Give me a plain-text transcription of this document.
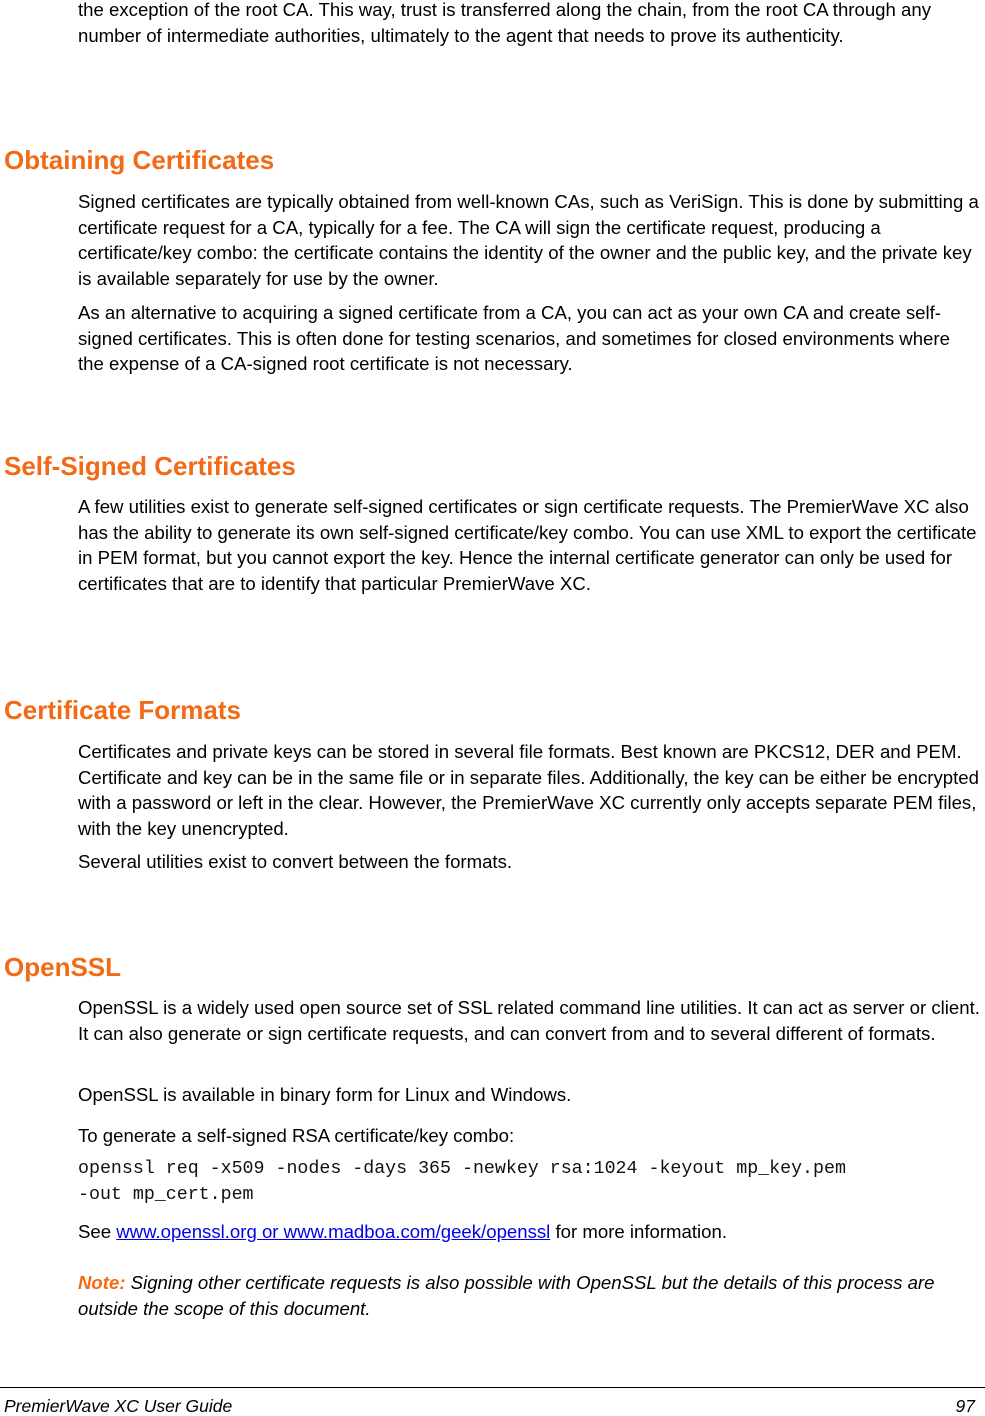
the exception of the root CA. This way, trust is transferred along the chain, from the root CA through any number of intermediate authorities, ultimately to the agent that needs to prove its authenticity.

Obtaining Certificates

Signed certificates are typically obtained from well-known CAs, such as VeriSign. This is done by submitting a certificate request for a CA, typically for a fee. The CA will sign the certificate request, producing a certificate/key combo: the certificate contains the identity of the owner and the public key, and the private key is available separately for use by the owner.

As an alternative to acquiring a signed certificate from a CA, you can act as your own CA and create self-signed certificates. This is often done for testing scenarios, and sometimes for closed environments where the expense of a CA-signed root certificate is not necessary.

Self-Signed Certificates

A few utilities exist to generate self-signed certificates or sign certificate requests. The PremierWave XC also has the ability to generate its own self-signed certificate/key combo. You can use XML to export the certificate in PEM format, but you cannot export the key. Hence the internal certificate generator can only be used for certificates that are to identify that particular PremierWave XC.

Certificate Formats

Certificates and private keys can be stored in several file formats. Best known are PKCS12, DER and PEM. Certificate and key can be in the same file or in separate files. Additionally, the key can be either be encrypted with a password or left in the clear. However, the PremierWave XC currently only accepts separate PEM files, with the key unencrypted.

Several utilities exist to convert between the formats.

OpenSSL

OpenSSL is a widely used open source set of SSL related command line utilities. It can act as server or client. It can also generate or sign certificate requests, and can convert from and to several different of formats.

OpenSSL is available in binary form for Linux and Windows.

To generate a self-signed RSA certificate/key combo:

openssl req -x509 -nodes -days 365 -newkey rsa:1024 -keyout mp_key.pem

-out mp_cert.pem

See www.openssl.org or www.madboa.com/geek/openssl for more information.

Note: Signing other certificate requests is also possible with OpenSSL but the details of this process are outside the scope of this document.

PremierWave XC User Guide	97
